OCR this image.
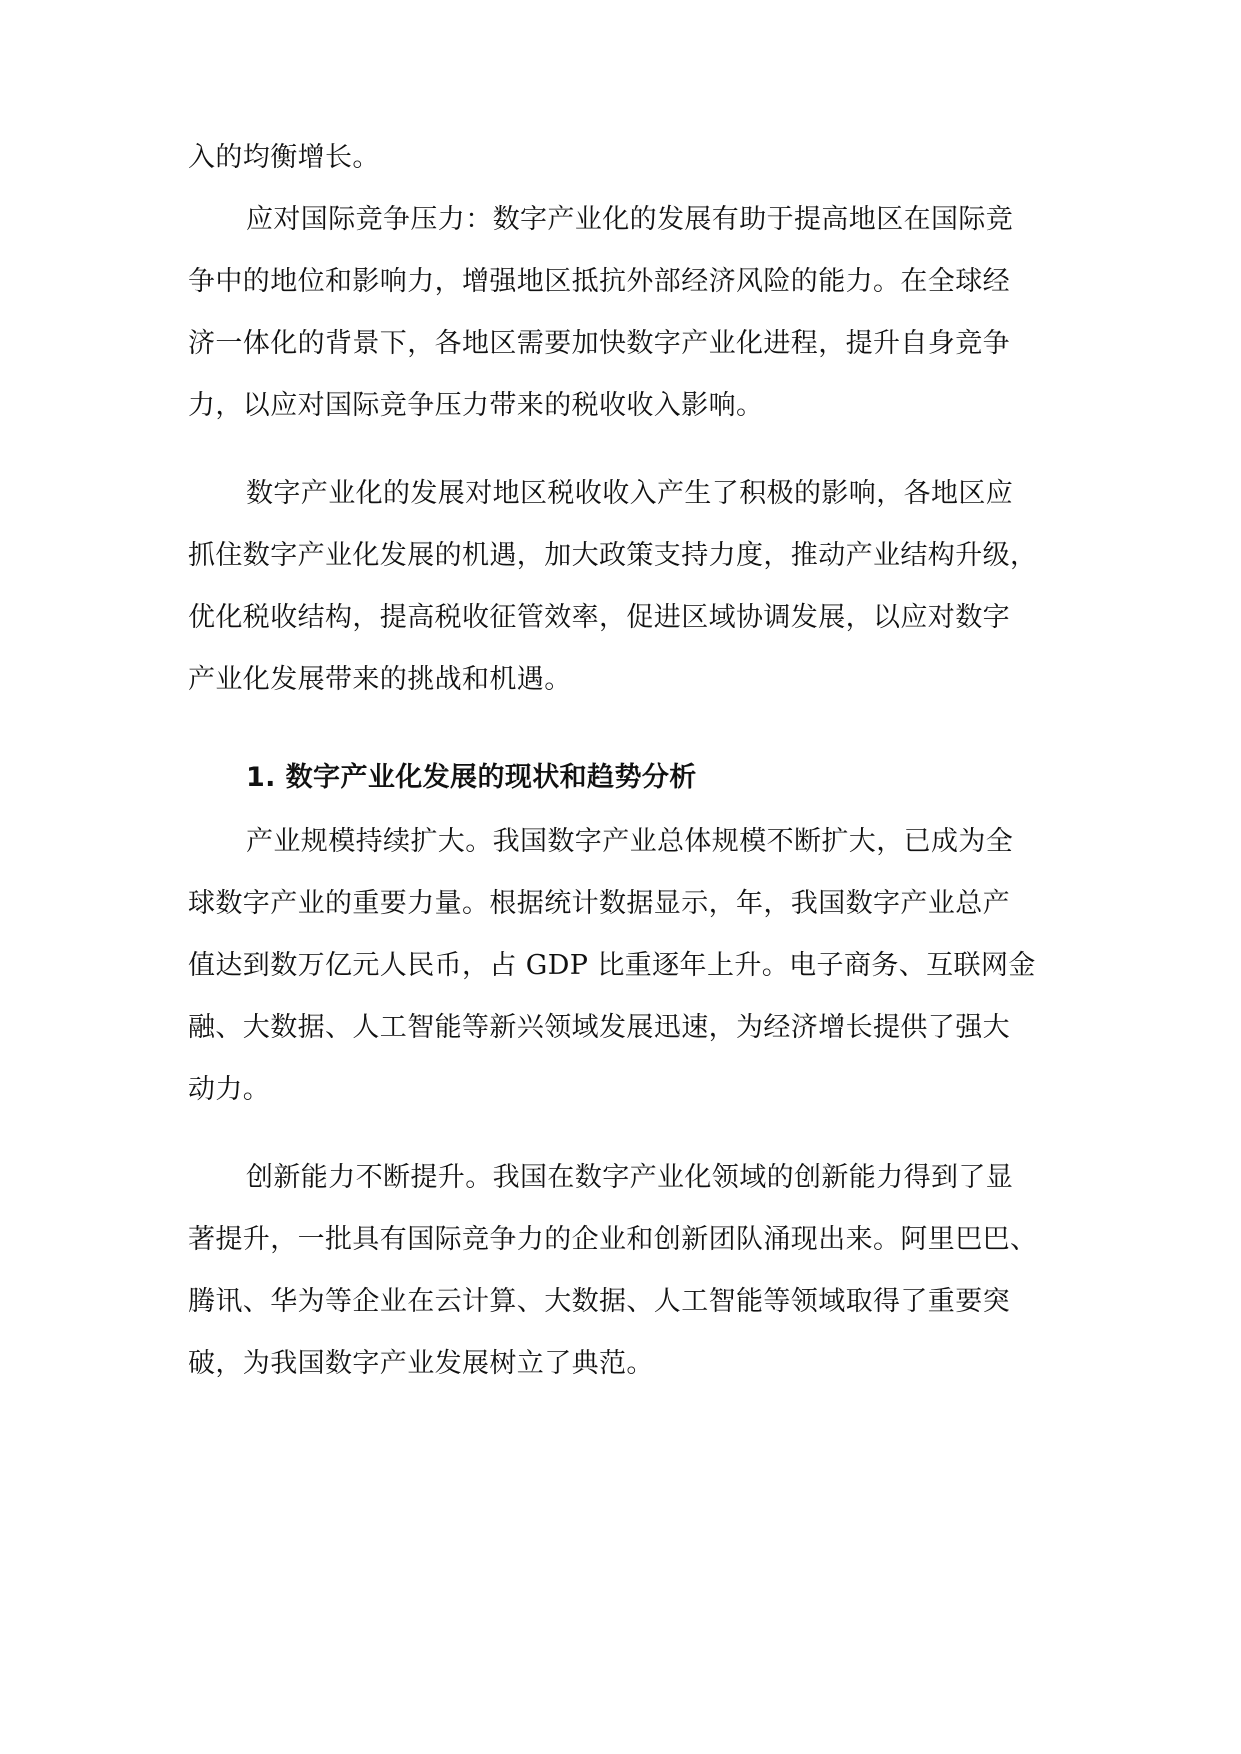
入的均衡增长。
应对国际竞争压力：数字产业化的发展有助于提高地区在国际竞
争中的地位和影响力，增强地区抵抗外部经济风险的能力。在全球经
济一体化的背景下，各地区需要加快数字产业化进程，提升自身竞争
力，以应对国际竞争压力带来的税收收入影响。
数字产业化的发展对地区税收收入产生了积极的影响，各地区应
抓住数字产业化发展的机遇，加大政策支持力度，推动产业结构升级，
优化税收结构，提高税收征管效率，促进区域协调发展，以应对数字
产业化发展带来的挑战和机遇。
1. 数字产业化发展的现状和趋势分析
产业规模持续扩大。我国数字产业总体规模不断扩大，已成为全
球数字产业的重要力量。根据统计数据显示，年，我国数字产业总产
值达到数万亿元人民币，占 GDP 比重逐年上升。电子商务、互联网金
融、大数据、人工智能等新兴领域发展迅速，为经济增长提供了强大
动力。
创新能力不断提升。我国在数字产业化领域的创新能力得到了显
著提升，一批具有国际竞争力的企业和创新团队涌现出来。阿里巴巴、
腾讯、华为等企业在云计算、大数据、人工智能等领域取得了重要突
破，为我国数字产业发展树立了典范。
